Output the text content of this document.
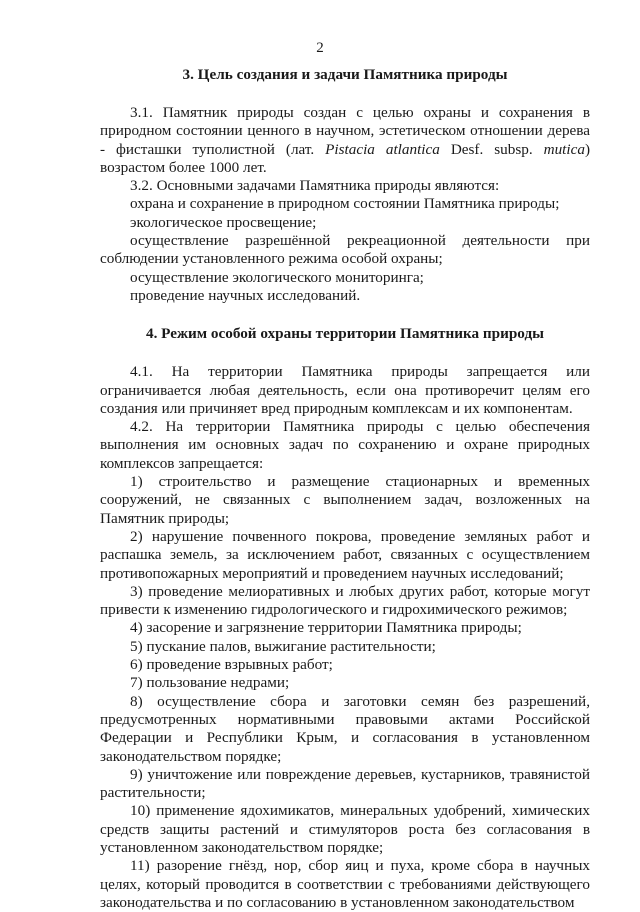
2
3. Цель создания и задачи Памятника природы

3.1. Памятник природы создан с целью охраны и сохранения в природном состоянии ценного в научном, эстетическом отношении дерева - фисташки туполистной (лат. Pistacia atlantica Desf. subsp. mutica) возрастом более 1000 лет.

3.2. Основными задачами Памятника природы являются:

охрана и сохранение в природном состоянии Памятника природы;

экологическое просвещение;

осуществление разрешённой рекреационной деятельности при соблюдении установленного режима особой охраны;

осуществление экологического мониторинга;

проведение научных исследований.

4. Режим особой охраны территории Памятника природы

4.1. На территории Памятника природы запрещается или ограничивается любая деятельность, если она противоречит целям его создания или причиняет вред природным комплексам и их компонентам.

4.2. На территории Памятника природы с целью обеспечения выполнения им основных задач по сохранению и охране природных комплексов запрещается:

1) строительство и размещение стационарных и временных сооружений, не связанных с выполнением задач, возложенных на Памятник природы;

2) нарушение почвенного покрова, проведение земляных работ и распашка земель, за исключением работ, связанных с осуществлением противопожарных мероприятий и проведением научных исследований;

3) проведение мелиоративных и любых других работ, которые могут привести к изменению гидрологического и гидрохимического режимов;

4) засорение и загрязнение территории Памятника природы;

5) пускание палов, выжигание растительности;

6) проведение взрывных работ;

7) пользование недрами;

8) осуществление сбора и заготовки семян без разрешений, предусмотренных нормативными правовыми актами Российской Федерации и Республики Крым, и согласования в установленном законодательством порядке;

9) уничтожение или повреждение деревьев, кустарников, травянистой растительности;

10) применение ядохимикатов, минеральных удобрений, химических средств защиты растений и стимуляторов роста без согласования в установленном законодательством порядке;

11) разорение гнёзд, нор, сбор яиц и пуха, кроме сбора в научных целях, который проводится в соответствии с требованиями действующего законодательства и по согласованию в установленном законодательством
